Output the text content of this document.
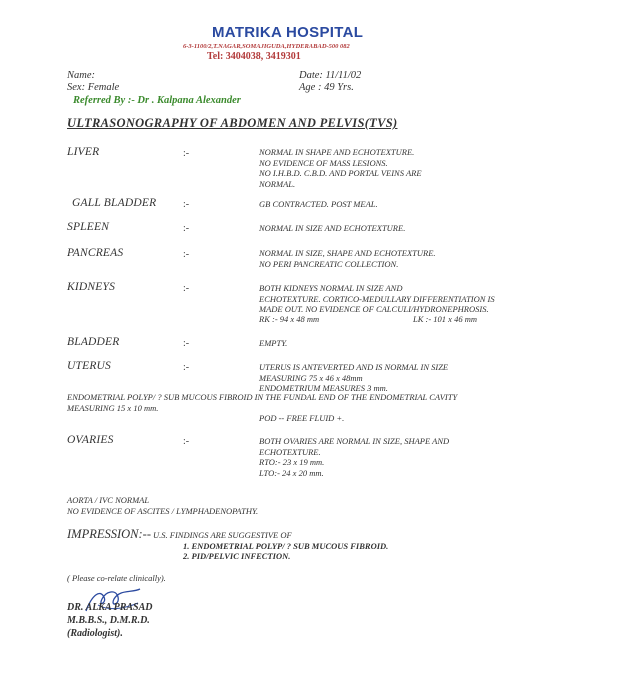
MATRIKA HOSPITAL
6-3-1100/2,T.NAGAR,SOMAJIGUDA,HYDERABAD-500 082
Tel: 3404038, 3419301
Name:
Sex: Female
Date: 11/11/02
Age : 49 Yrs.
Referred By :- Dr . Kalpana Alexander
ULTRASONOGRAPHY OF ABDOMEN AND PELVIS(TVS)
LIVER	:-	NORMAL IN SHAPE AND ECHOTEXTURE.
NO EVIDENCE OF MASS LESIONS.
NO I.H.B.D. C.B.D. AND PORTAL VEINS ARE
NORMAL.
GALL BLADDER	:-	GB CONTRACTED. POST MEAL.
SPLEEN	:-	NORMAL IN SIZE AND ECHOTEXTURE.
PANCREAS	:-	NORMAL IN SIZE, SHAPE AND ECHOTEXTURE.
NO PERI PANCREATIC COLLECTION.
KIDNEYS	:-	BOTH KIDNEYS NORMAL IN SIZE AND
ECHOTEXTURE. CORTICO-MEDULLARY DIFFERENTIATION IS
MADE OUT. NO EVIDENCE OF CALCULI/HYDRONEPHROSIS.
RK :- 94 x 48 mm	LK :- 101 x 46 mm
BLADDER	:-	EMPTY.
UTERUS	:-	UTERUS IS ANTEVERTED AND IS NORMAL IN SIZE
MEASURING 75 x 46 x 48mm
ENDOMETRIUM MEASURES 3 mm.
ENDOMETRIAL POLYP/ ? SUB MUCOUS FIBROID IN THE FUNDAL END OF THE ENDOMETRIAL CAVITY
MEASURING 15 x 10 mm.
POD -- FREE FLUID +.
OVARIES	:-	BOTH OVARIES ARE NORMAL IN SIZE, SHAPE AND
ECHOTEXTURE.
RTO:- 23 x 19 mm.
LTO:- 24 x 20 mm.
AORTA / IVC NORMAL
NO EVIDENCE OF ASCITES / LYMPHADENOPATHY.
IMPRESSION:-- U.S. FINDINGS ARE SUGGESTIVE OF
1. ENDOMETRIAL POLYP/ ? SUB MUCOUS FIBROID.
2. PID/PELVIC INFECTION.
( Please co-relate clinically).
DR. ALKA PRASAD
M.B.B.S., D.M.R.D.
(Radiologist).
